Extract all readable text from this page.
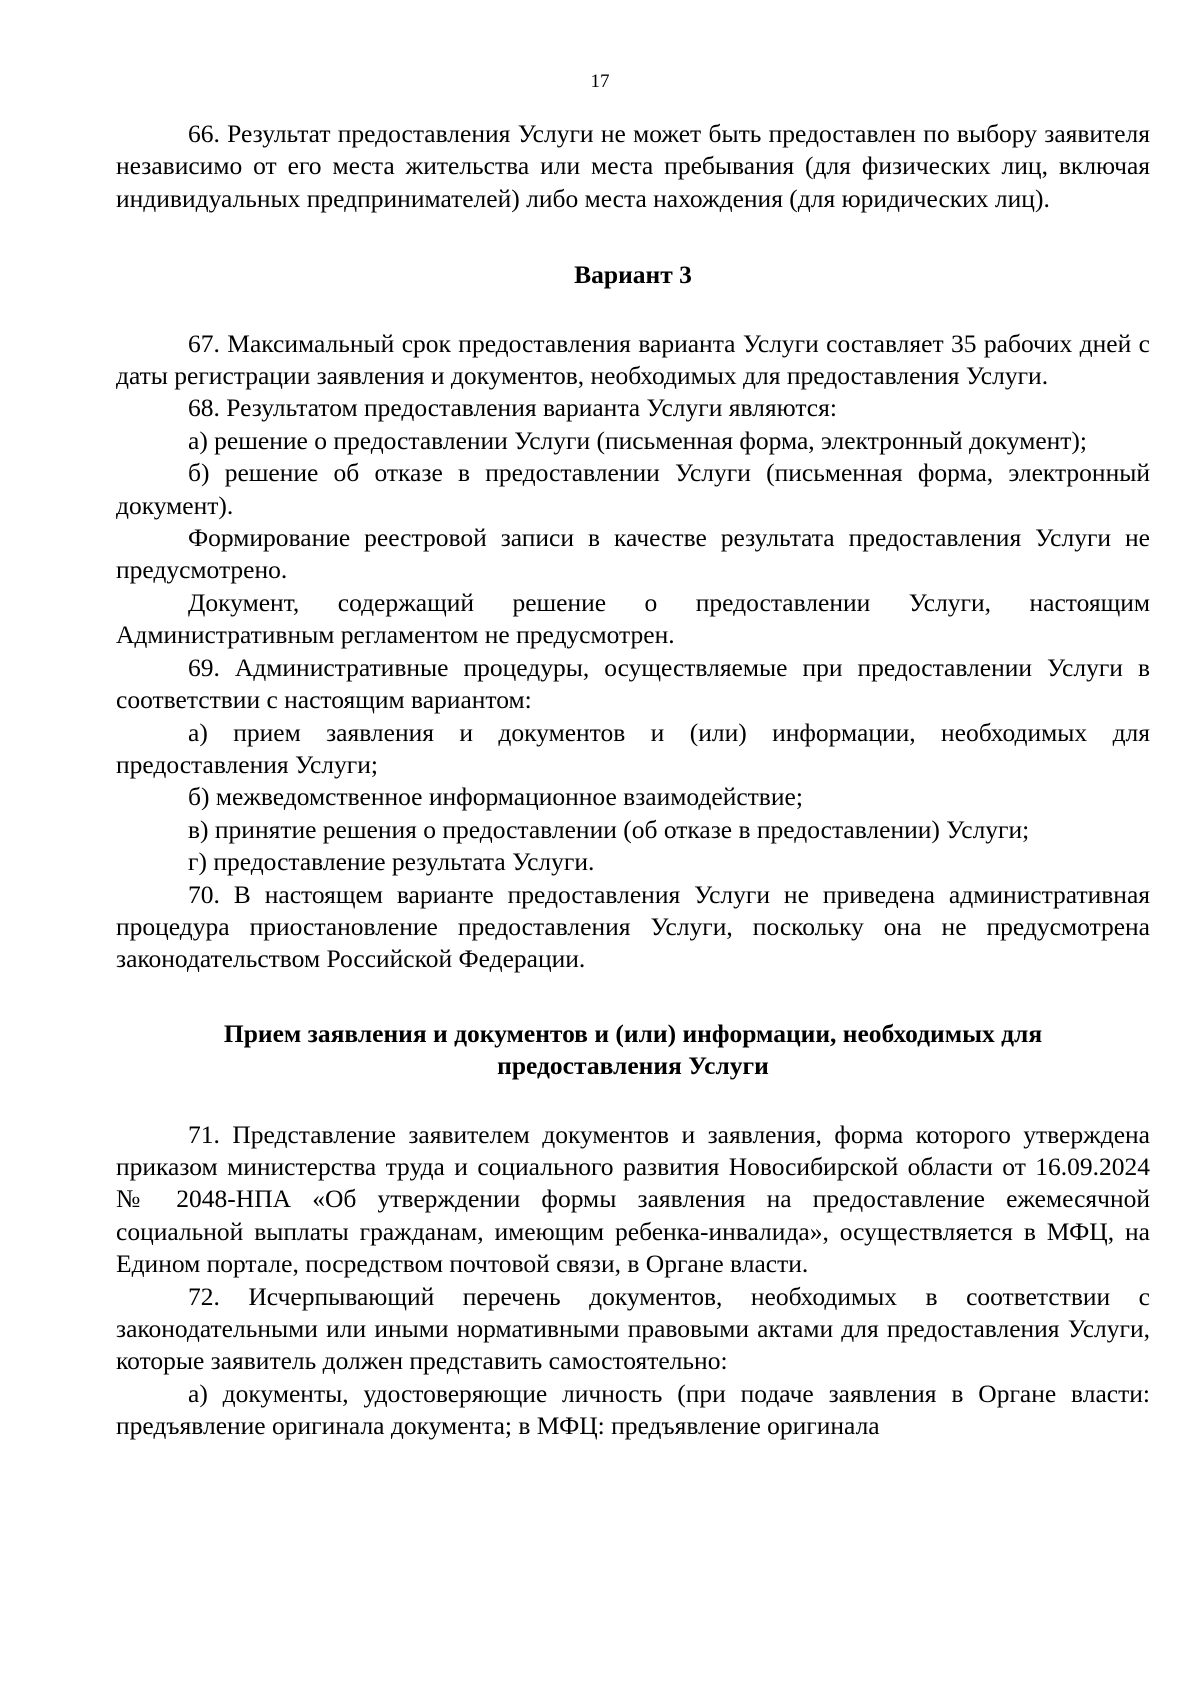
17

66. Результат предоставления Услуги не может быть предоставлен по выбору заявителя независимо от его места жительства или места пребывания (для физических лиц, включая индивидуальных предпринимателей) либо места нахождения (для юридических лиц).

Вариант 3

67. Максимальный срок предоставления варианта Услуги составляет 35 рабочих дней с даты регистрации заявления и документов, необходимых для предоставления Услуги.

68. Результатом предоставления варианта Услуги являются:

а) решение о предоставлении Услуги (письменная форма, электронный документ);

б) решение об отказе в предоставлении Услуги (письменная форма, электронный документ).

Формирование реестровой записи в качестве результата предоставления Услуги не предусмотрено.

Документ, содержащий решение о предоставлении Услуги, настоящим Административным регламентом не предусмотрен.

69. Административные процедуры, осуществляемые при предоставлении Услуги в соответствии с настоящим вариантом:

а) прием заявления и документов и (или) информации, необходимых для предоставления Услуги;

б) межведомственное информационное взаимодействие;

в) принятие решения о предоставлении (об отказе в предоставлении) Услуги;

г) предоставление результата Услуги.

70. В настоящем варианте предоставления Услуги не приведена административная процедура приостановление предоставления Услуги, поскольку она не предусмотрена законодательством Российской Федерации.

Прием заявления и документов и (или) информации, необходимых для предоставления Услуги

71. Представление заявителем документов и заявления, форма которого утверждена приказом министерства труда и социального развития Новосибирской области от 16.09.2024 № 2048-НПА «Об утверждении формы заявления на предоставление ежемесячной социальной выплаты гражданам, имеющим ребенка-инвалида», осуществляется в МФЦ, на Едином портале, посредством почтовой связи, в Органе власти.

72. Исчерпывающий перечень документов, необходимых в соответствии с законодательными или иными нормативными правовыми актами для предоставления Услуги, которые заявитель должен представить самостоятельно:

а) документы, удостоверяющие личность (при подаче заявления в Органе власти: предъявление оригинала документа; в МФЦ: предъявление оригинала
